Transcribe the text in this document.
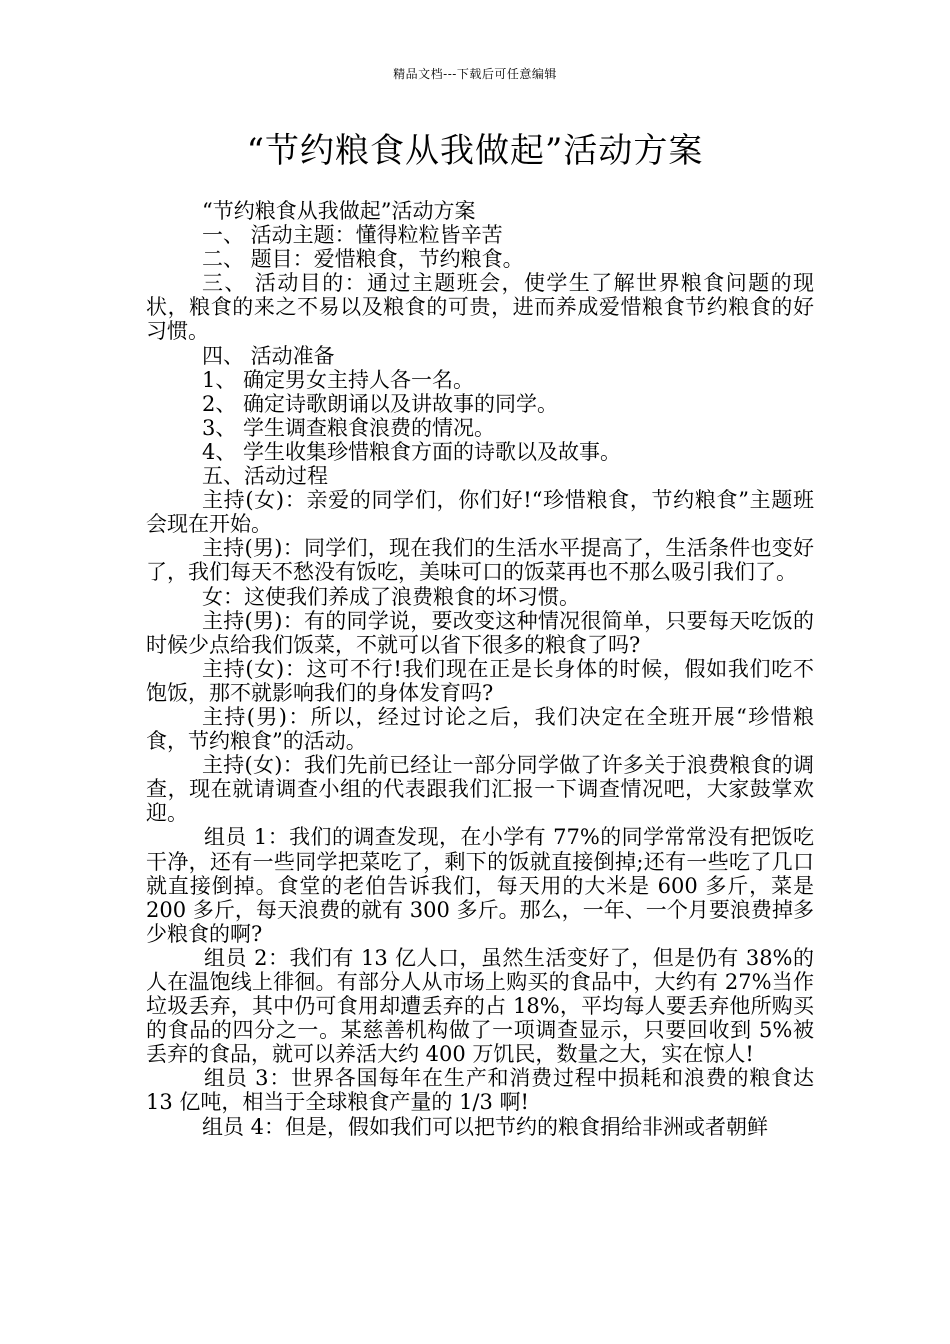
精品文档---下载后可任意编辑
“节约粮食从我做起”活动方案

“节约粮食从我做起”活动方案

一、 活动主题：懂得粒粒皆辛苦

二、 题目：爱惜粮食，节约粮食。

三、 活动目的：通过主题班会，使学生了解世界粮食问题的现状，粮食的来之不易以及粮食的可贵，进而养成爱惜粮食节约粮食的好习惯。

四、 活动准备

1、 确定男女主持人各一名。

2、 确定诗歌朗诵以及讲故事的同学。

3、 学生调查粮食浪费的情况。

4、 学生收集珍惜粮食方面的诗歌以及故事。

五、活动过程

主持(女)：亲爱的同学们，你们好!“珍惜粮食，节约粮食”主题班会现在开始。

主持(男)：同学们，现在我们的生活水平提高了，生活条件也变好了，我们每天不愁没有饭吃，美味可口的饭菜再也不那么吸引我们了。

女：这使我们养成了浪费粮食的坏习惯。

主持(男)：有的同学说，要改变这种情况很简单，只要每天吃饭的时候少点给我们饭菜，不就可以省下很多的粮食了吗?

主持(女)：这可不行!我们现在正是长身体的时候，假如我们吃不饱饭，那不就影响我们的身体发育吗?

主持(男)：所以，经过讨论之后，我们决定在全班开展“珍惜粮食，节约粮食”的活动。

主持(女)：我们先前已经让一部分同学做了许多关于浪费粮食的调查，现在就请调查小组的代表跟我们汇报一下调查情况吧，大家鼓掌欢迎。

组员 1：我们的调查发现，在小学有 77%的同学常常没有把饭吃干净，还有一些同学把菜吃了，剩下的饭就直接倒掉;还有一些吃了几口就直接倒掉。食堂的老伯告诉我们，每天用的大米是 600 多斤，菜是 200 多斤，每天浪费的就有 300 多斤。那么，一年、一个月要浪费掉多少粮食的啊?

组员 2：我们有 13 亿人口，虽然生活变好了，但是仍有 38%的人在温饱线上徘徊。有部分人从市场上购买的食品中，大约有 27%当作垃圾丢弃，其中仍可食用却遭丢弃的占 18%，平均每人要丢弃他所购买的食品的四分之一。某慈善机构做了一项调查显示，只要回收到 5%被丢弃的食品，就可以养活大约 400 万饥民，数量之大，实在惊人!

组员 3：世界各国每年在生产和消费过程中损耗和浪费的粮食达 13 亿吨，相当于全球粮食产量的 1/3 啊!

组员 4：但是，假如我们可以把节约的粮食捐给非洲或者朝鲜
